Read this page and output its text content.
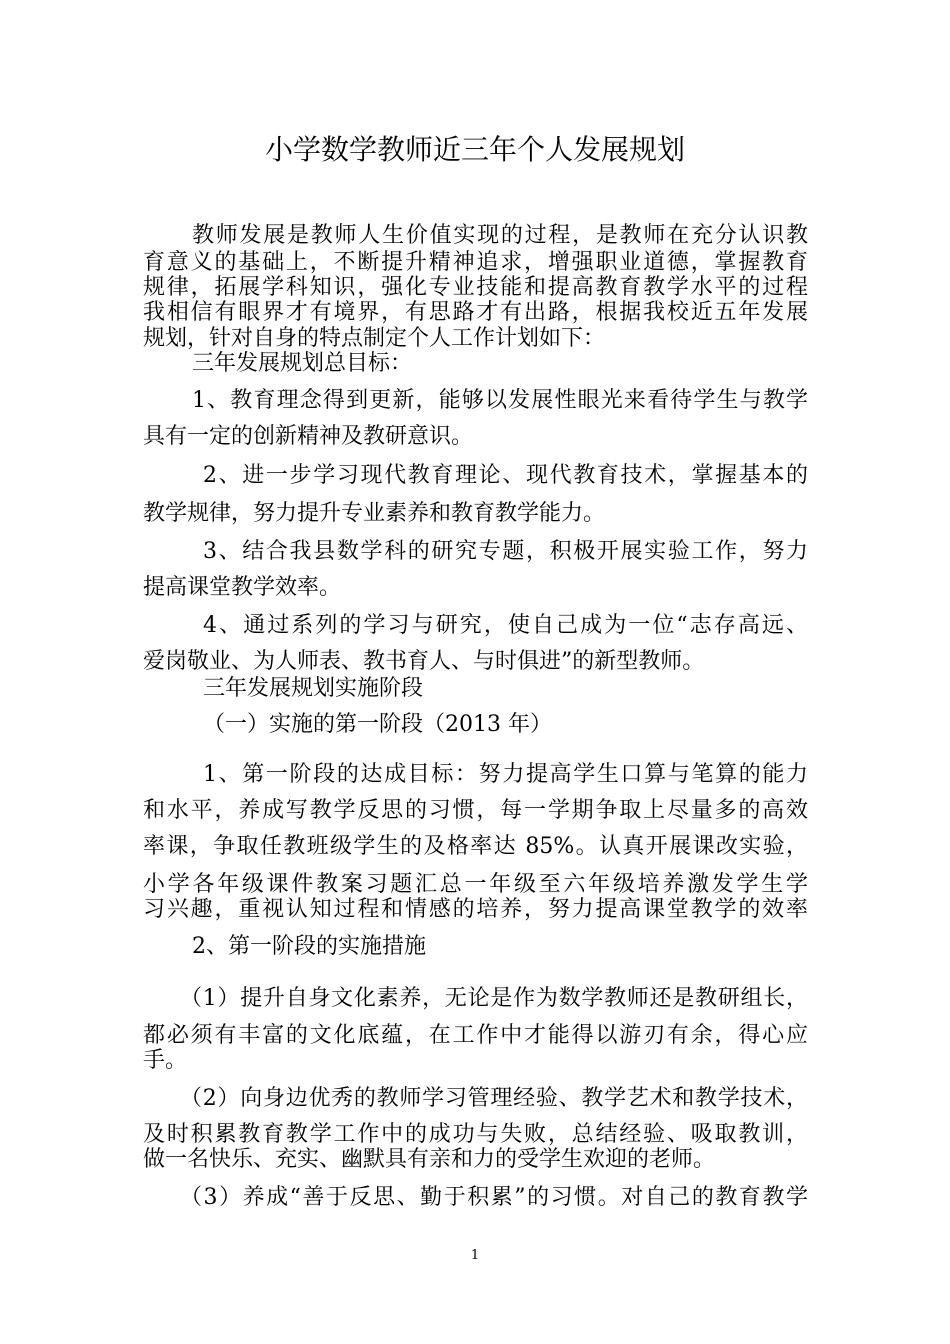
小学数学教师近三年个人发展规划
教师发展是教师人生价值实现的过程，是教师在充分认识教
育意义的基础上，不断提升精神追求，增强职业道德，掌握教育
规律，拓展学科知识，强化专业技能和提高教育教学水平的过程
我相信有眼界才有境界，有思路才有出路，根据我校近五年发展
规划，针对自身的特点制定个人工作计划如下：
三年发展规划总目标：
1、教育理念得到更新，能够以发展性眼光来看待学生与教学
具有一定的创新精神及教研意识。
2、进一步学习现代教育理论、现代教育技术，掌握基本的
教学规律，努力提升专业素养和教育教学能力。
3、结合我县数学科的研究专题，积极开展实验工作，努力
提高课堂教学效率。
4、通过系列的学习与研究，使自己成为一位“志存高远、
爱岗敬业、为人师表、教书育人、与时俱进”的新型教师。
三年发展规划实施阶段
（一）实施的第一阶段（2013 年）
1、第一阶段的达成目标：努力提高学生口算与笔算的能力
和水平，养成写教学反思的习惯，每一学期争取上尽量多的高效
率课，争取任教班级学生的及格率达 85%。认真开展课改实验，
小学各年级课件教案习题汇总一年级至六年级培养激发学生学
习兴趣，重视认知过程和情感的培养，努力提高课堂教学的效率
2、第一阶段的实施措施
（1）提升自身文化素养，无论是作为数学教师还是教研组长，
都必须有丰富的文化底蕴，在工作中才能得以游刃有余，得心应
手。
（2）向身边优秀的教师学习管理经验、教学艺术和教学技术，
及时积累教育教学工作中的成功与失败，总结经验、吸取教训，
做一名快乐、充实、幽默具有亲和力的受学生欢迎的老师。
（3）养成“善于反思、勤于积累”的习惯。对自己的教育教学
1
